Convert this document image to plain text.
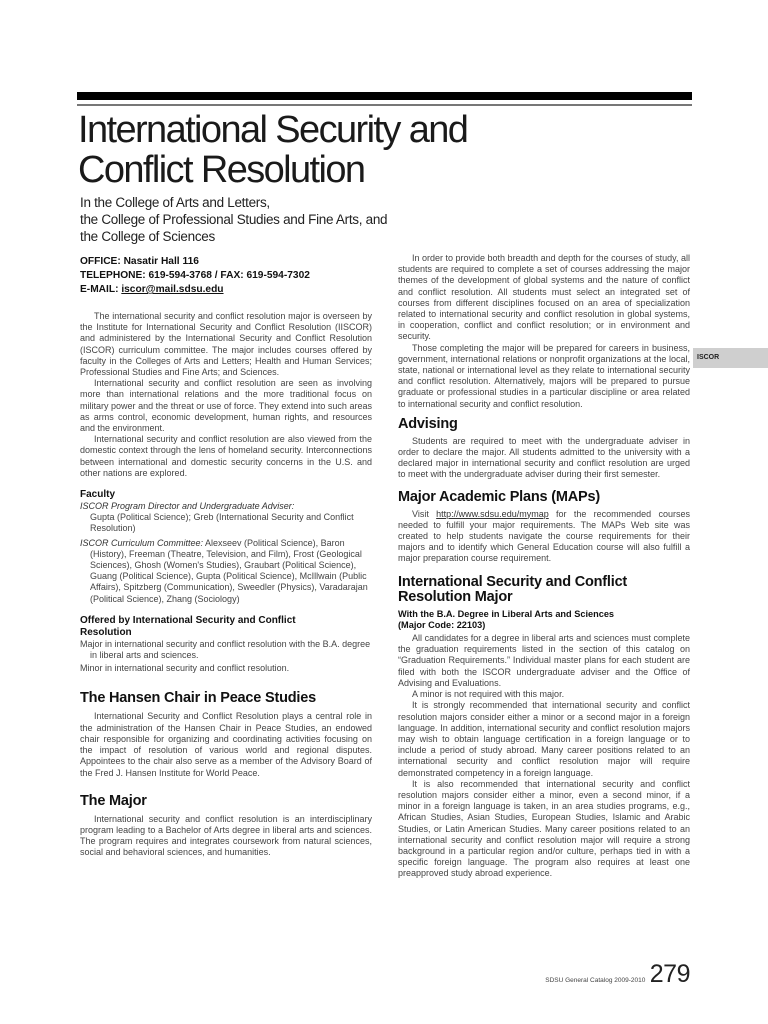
International Security and
Conflict Resolution
In the College of Arts and Letters,
the College of Professional Studies and Fine Arts, and
the College of Sciences
OFFICE: Nasatir Hall 116
TELEPHONE: 619-594-3768 / FAX: 619-594-7302
E-MAIL: iscor@mail.sdsu.edu

The international security and conflict resolution major is overseen by the Institute for International Security and Conflict Resolution (IISCOR) and administered by the International Security and Conflict Resolution (ISCOR) curriculum committee. The major includes courses offered by faculty in the Colleges of Arts and Letters; Health and Human Services; Professional Studies and Fine Arts; and Sciences.

International security and conflict resolution are seen as involving more than international relations and the more traditional focus on military power and the threat or use of force. They extend into such areas as arms control, economic development, human rights, and resources and the environment.

International security and conflict resolution are also viewed from the domestic context through the lens of homeland security. Interconnections between international and domestic security concerns in the U.S. and other nations are explored.

Faculty
ISCOR Program Director and Undergraduate Adviser:
Gupta (Political Science); Greb (International Security and Conflict Resolution)
ISCOR Curriculum Committee: Alexseev (Political Science), Baron (History), Freeman (Theatre, Television, and Film), Frost (Geological Sciences), Ghosh (Women's Studies), Graubart (Political Science), Guang (Political Science), Gupta (Political Science), McIllwain (Public Affairs), Spitzberg (Communication), Sweedler (Physics), Varadarajan (Political Science), Zhang (Sociology)
Offered by International Security and Conflict Resolution
Major in international security and conflict resolution with the B.A. degree in liberal arts and sciences.
Minor in international security and conflict resolution.
The Hansen Chair in Peace Studies

International Security and Conflict Resolution plays a central role in the administration of the Hansen Chair in Peace Studies, an endowed chair responsible for organizing and coordinating activities focusing on the impact of resolution of various world and regional disputes. Appointees to the chair also serve as a member of the Advisory Board of the Fred J. Hansen Institute for World Peace.

The Major

International security and conflict resolution is an interdisciplinary program leading to a Bachelor of Arts degree in liberal arts and sciences. The program requires and integrates coursework from natural sciences, social and behavioral sciences, and humanities.

In order to provide both breadth and depth for the courses of study, all students are required to complete a set of courses addressing the major themes of the development of global systems and the nature of conflict and conflict resolution. All students must select an integrated set of courses from different disciplines focused on an area of specialization related to international security and conflict resolution in global systems, in cooperation, conflict and conflict resolution; or in environment and security.

Those completing the major will be prepared for careers in business, government, international relations or nonprofit organizations at the local, state, national or international level as they relate to international security and conflict resolution. Alternatively, majors will be prepared to pursue graduate or professional studies in a particular discipline or area related to international security and conflict resolution.

Advising

Students are required to meet with the undergraduate adviser in order to declare the major. All students admitted to the university with a declared major in international security and conflict resolution are urged to meet with the undergraduate adviser during their first semester.

Major Academic Plans (MAPs)

Visit http://www.sdsu.edu/mymap for the recommended courses needed to fulfill your major requirements. The MAPs Web site was created to help students navigate the course requirements for their majors and to identify which General Education course will also fulfill a major preparation course requirement.

International Security and Conflict Resolution Major
With the B.A. Degree in Liberal Arts and Sciences
(Major Code: 22103)

All candidates for a degree in liberal arts and sciences must complete the graduation requirements listed in the section of this catalog on “Graduation Requirements.” Individual master plans for each student are filed with both the ISCOR undergraduate adviser and the Office of Advising and Evaluations.

A minor is not required with this major.

It is strongly recommended that international security and conflict resolution majors consider either a minor or a second major in a foreign language. In addition, international security and conflict resolution majors may wish to obtain language certification in a foreign language or to include a period of study abroad. Many career positions related to an international security and conflict resolution major will require demonstrated competency in a foreign language.

It is also recommended that international security and conflict resolution majors consider either a minor, even a second minor, if a minor in a foreign language is taken, in an area studies programs, e.g., African Studies, Asian Studies, European Studies, Islamic and Arabic Studies, or Latin American Studies. Many career positions related to an international security and conflict resolution major will require a strong background in a particular region and/or culture, perhaps tied in with a specific foreign language. The program also requires at least one preapproved study abroad experience.

ISCOR
SDSU General Catalog 2009-2010 279
